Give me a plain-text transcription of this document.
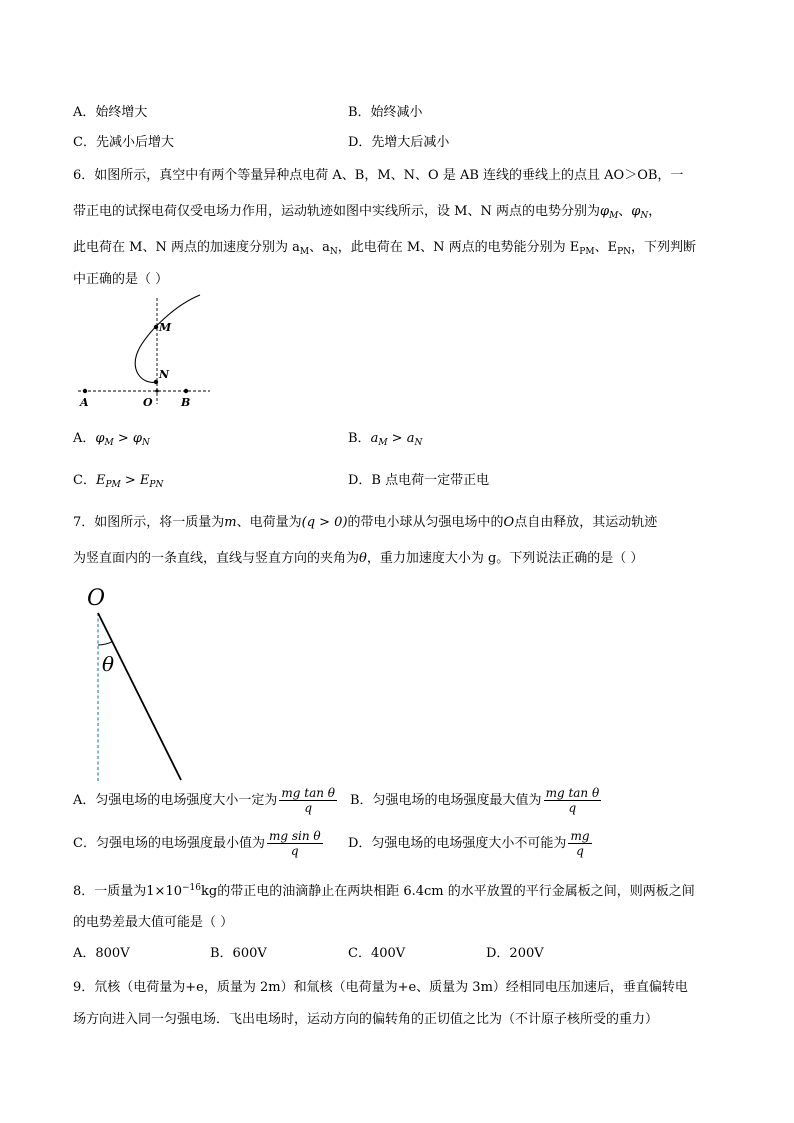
A．始终增大	B．始终减小
C．先减小后增大	D．先增大后减小
6．如图所示，真空中有两个等量异种点电荷 A、B，M、N、O 是 AB 连线的垂线上的点且 AO＞OB，一
带正电的试探电荷仅受电场力作用，运动轨迹如图中实线所示，设 M、N 两点的电势分别为$\varphi_M$、$\varphi_N$，
此电荷在 M、N 两点的加速度分别为 $a_M$、$a_N$，此电荷在 M、N 两点的电势能分别为 $E_{PM}$、$E_{PN}$，下列判断
中正确的是（ ）
M
N
A	O	B
A．$\varphi_M > \varphi_N$	B．$a_M > a_N$
C．$E_{PM} > E_{PN}$	D．B 点电荷一定带正电
7．如图所示，将一质量为m、电荷量为(q > 0)的带电小球从匀强电场中的O点自由释放，其运动轨迹
为竖直面内的一条直线，直线与竖直方向的夹角为θ，重力加速度大小为 g。下列说法正确的是（ ）
O
θ
A．匀强电场的电场强度大小一定为 $\frac{\text{mg tan θ}}{q}$ B．匀强电场的电场强度最大值为 $\frac{\text{mg tan θ}}{q}$
C．匀强电场的电场强度最小值为 $\frac{\text{mg sin θ}}{q}$ D．匀强电场的电场强度大小不可能为 $\frac{mg}{q}$
8．一质量为$1\times 10^{-16}kg$的带正电的油滴静止在两块相距 6.4cm 的水平放置的平行金属板之间，则两板之间
的电势差最大值可能是（ ）
A．800V	B．600V	C．400V	D．200V
9．氘核（电荷量为+e，质量为 2m）和氚核（电荷量为+e、质量为 3m）经相同电压加速后，垂直偏转电
场方向进入同一匀强电场．飞出电场时，运动方向的偏转角的正切值之比为（不计原子核所受的重力）
